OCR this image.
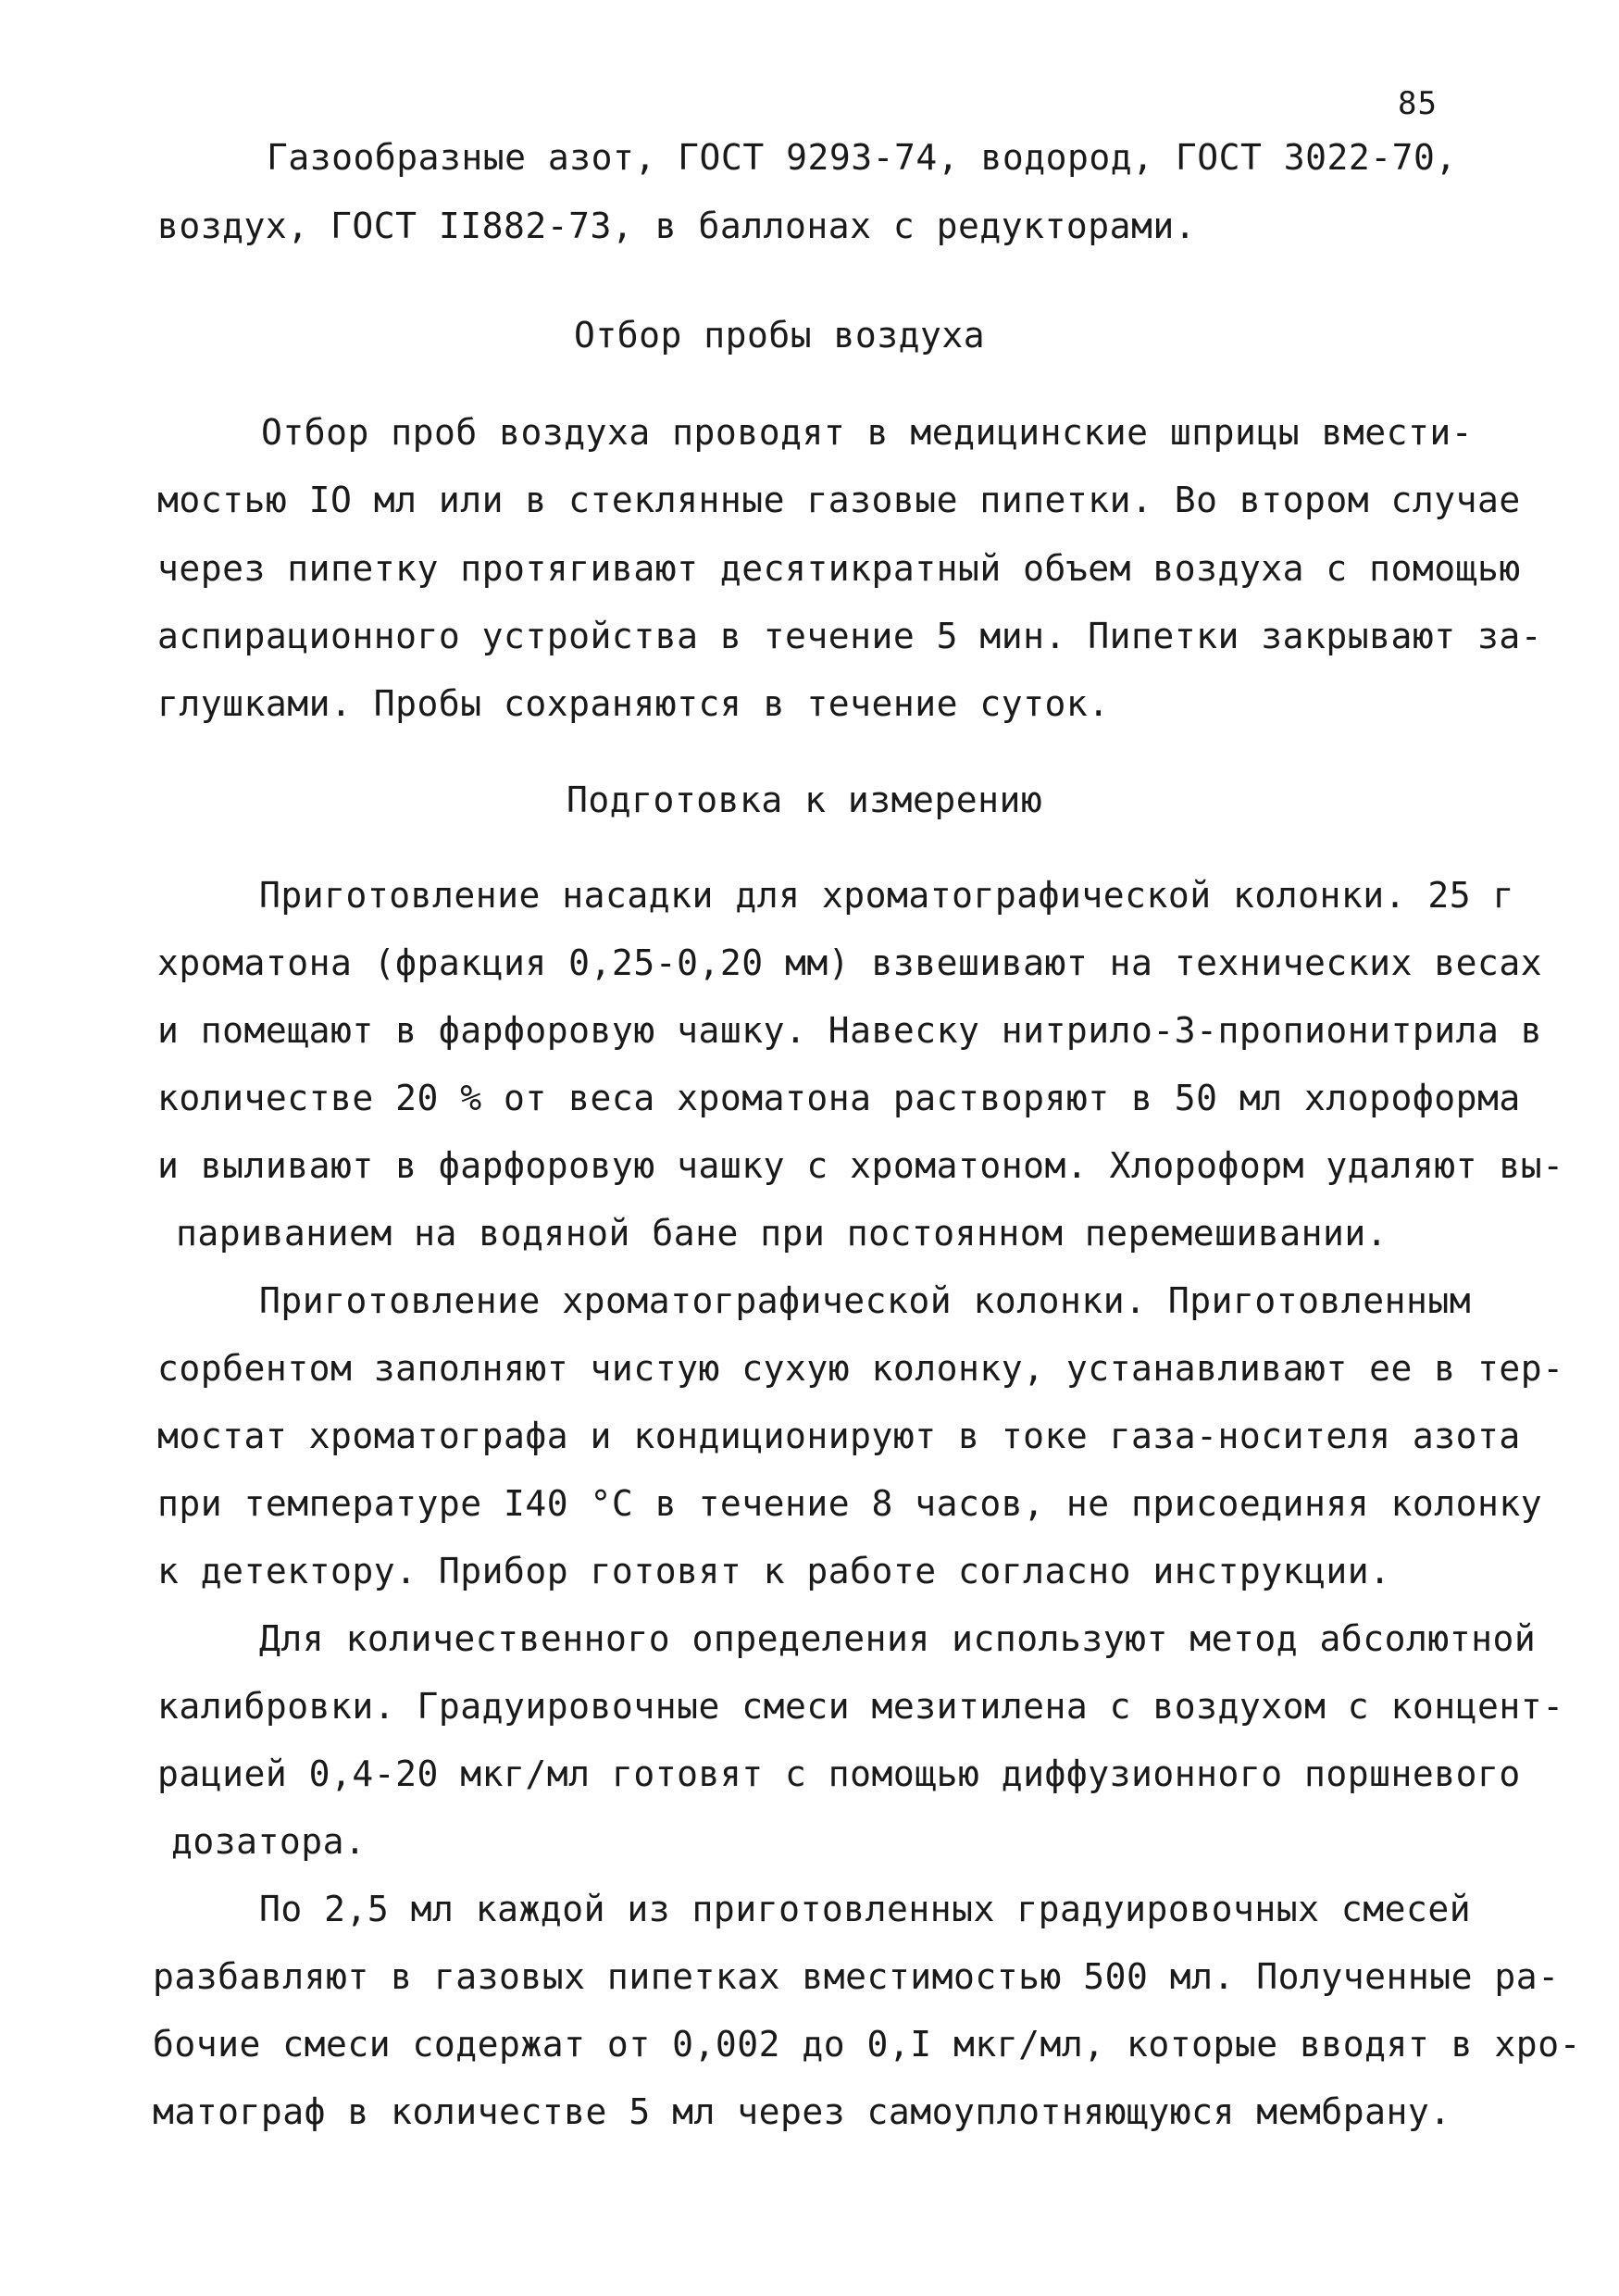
85
Газообразные азот, ГОСТ 9293-74, водород, ГОСТ 3022-70,
воздух, ГОСТ II882-73, в баллонах с редукторами.
Отбор пробы воздуха
Отбор проб воздуха проводят в медицинские шприцы вмести-
мостью IO мл или в стеклянные газовые пипетки. Во втором случае
через пипетку протягивают десятикратный объем воздуха с помощью
аспирационного устройства в течение 5 мин. Пипетки закрывают за-
глушками. Пробы сохраняются в течение суток.
Подготовка к измерению
Приготовление насадки для хроматографической колонки. 25 г
хроматона (фракция 0,25-0,20 мм) взвешивают на технических весах
и помещают в фарфоровую чашку. Навеску нитрило-3-пропионитрила в
количестве 20 % от веса хроматона растворяют в 50 мл хлороформа
и выливают в фарфоровую чашку с хроматоном. Хлороформ удаляют вы-
париванием на водяной бане при постоянном перемешивании.
Приготовление хроматографической колонки. Приготовленным
сорбентом заполняют чистую сухую колонку, устанавливают ее в тер-
мостат хроматографа и кондиционируют в токе газа-носителя азота
при температуре I40 °C в течение 8 часов, не присоединяя колонку
к детектору. Прибор готовят к работе согласно инструкции.
Для количественного определения используют метод абсолютной
калибровки. Градуировочные смеси мезитилена с воздухом с концент-
рацией 0,4-20 мкг/мл готовят с помощью диффузионного поршневого
дозатора.
По 2,5 мл каждой из приготовленных градуировочных смесей
разбавляют в газовых пипетках вместимостью 500 мл. Полученные ра-
бочие смеси содержат от 0,002 до 0,I мкг/мл, которые вводят в хро-
матограф в количестве 5 мл через самоуплотняющуюся мембрану.
